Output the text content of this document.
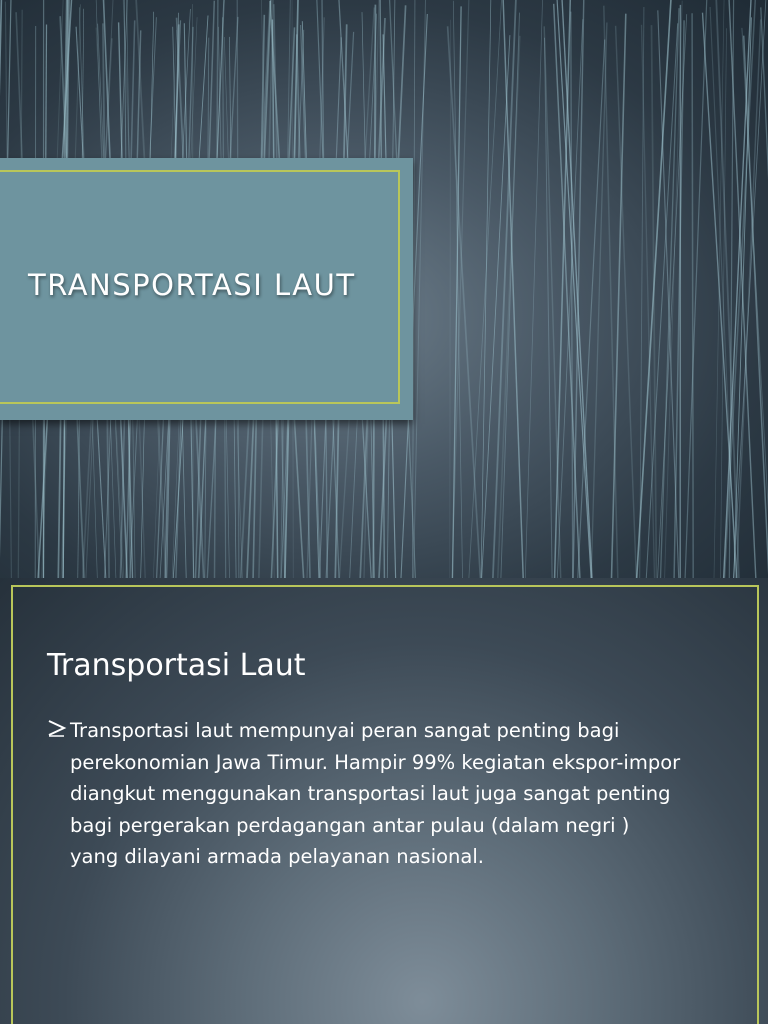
TRANSPORTASI LAUT
Transportasi Laut
Transportasi laut mempunyai peran sangat penting bagi
perekonomian Jawa Timur. Hampir 99% kegiatan ekspor-impor
diangkut menggunakan transportasi laut juga sangat penting
bagi pergerakan perdagangan antar pulau (dalam negri )
yang dilayani armada pelayanan nasional.
